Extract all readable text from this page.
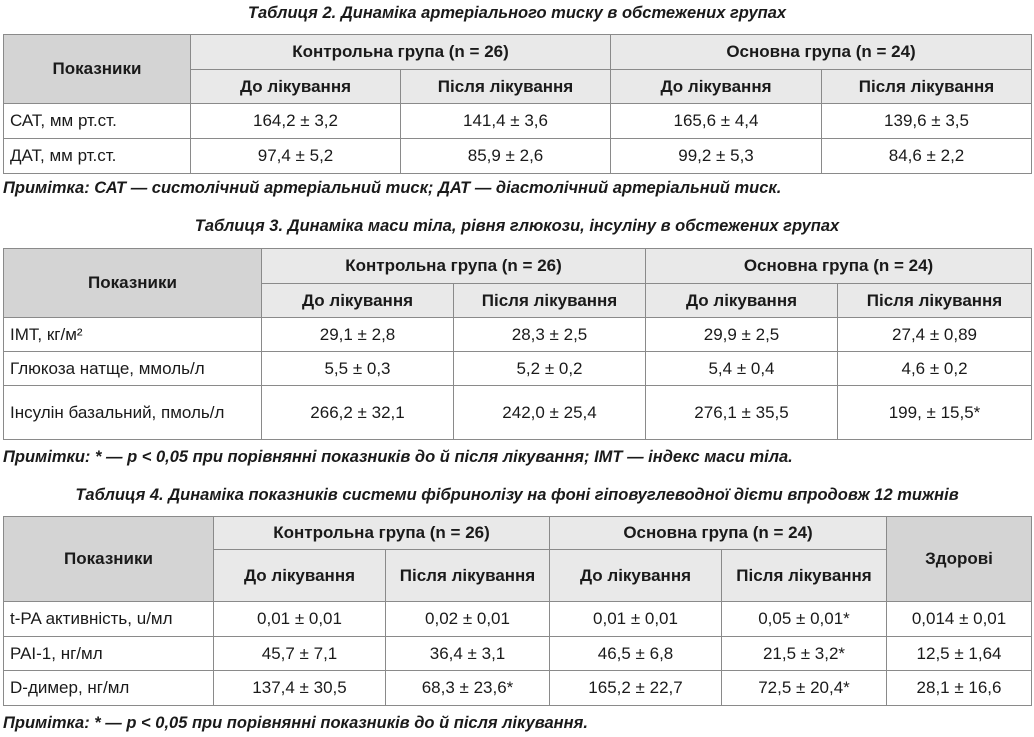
Таблиця 2. Динаміка артеріального тиску в обстежених групах
Показники	Контрольна група (n = 26)		Основна група (n = 24)	
	До лікування	Після лікування	До лікування	Після лікування
САТ, мм рт.ст.	164,2 ± 3,2	141,4 ± 3,6	165,6 ± 4,4	139,6 ± 3,5
ДАТ, мм рт.ст.	97,4 ± 5,2	85,9 ± 2,6	99,2 ± 5,3	84,6 ± 2,2
Примітка: САТ — систолічний артеріальний тиск; ДАТ — діастолічний артеріальний тиск.
Таблиця 3. Динаміка маси тіла, рівня глюкози, інсуліну в обстежених групах
Показники	Контрольна група (n = 26)		Основна група (n = 24)	
	До лікування	Після лікування	До лікування	Після лікування
ІМТ, кг/м²	29,1 ± 2,8	28,3 ± 2,5	29,9 ± 2,5	27,4 ± 0,89
Глюкоза натще, ммоль/л	5,5 ± 0,3	5,2 ± 0,2	5,4 ± 0,4	4,6 ± 0,2
Інсулін базальний, пмоль/л	266,2 ± 32,1	242,0 ± 25,4	276,1 ± 35,5	199, ± 15,5*
Примітки: * — р < 0,05 при порівнянні показників до й після лікування; ІМТ — індекс маси тіла.
Таблиця 4. Динаміка показників системи фібринолізу на фоні гіповуглеводної дієти впродовж 12 тижнів
Показники	Контрольна група (n = 26)		Основна група (n = 24)		Здорові
	До лікування	Після лікування	До лікування	Після лікування	
t-PA активність, u/мл	0,01 ± 0,01	0,02 ± 0,01	0,01 ± 0,01	0,05 ± 0,01*	0,014 ± 0,01
PAI-1, нг/мл	45,7 ± 7,1	36,4 ± 3,1	46,5 ± 6,8	21,5 ± 3,2*	12,5 ± 1,64
D-димер, нг/мл	137,4 ± 30,5	68,3 ± 23,6*	165,2 ± 22,7	72,5 ± 20,4*	28,1 ± 16,6
Примітка: * — р < 0,05 при порівнянні показників до й після лікування.
